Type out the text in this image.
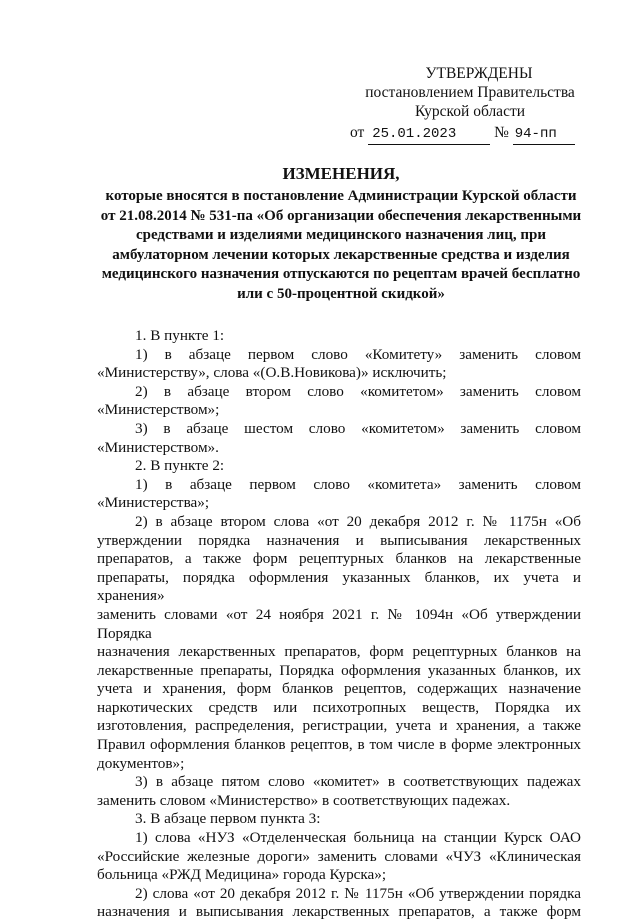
УТВЕРЖДЕНЫ
постановлением Правительства
Курской области
от 25.01.2023 № 94-пп
ИЗМЕНЕНИЯ,
которые вносятся в постановление Администрации Курской области
от 21.08.2014 № 531-па «Об организации обеспечения лекарственными
средствами и изделиями медицинского назначения лиц, при
амбулаторном лечении которых лекарственные средства и изделия
медицинского назначения отпускаются по рецептам врачей бесплатно
или с 50-процентной скидкой»
1. В пункте 1:
1) в абзаце первом слово «Комитету» заменить словом
«Министерству», слова «(О.В.Новикова)» исключить;
2) в абзаце втором слово «комитетом» заменить словом
«Министерством»;
3) в абзаце шестом слово «комитетом» заменить словом
«Министерством».
2. В пункте 2:
1) в абзаце первом слово «комитета» заменить словом
«Министерства»;
2) в абзаце втором слова «от 20 декабря 2012 г. № 1175н «Об
утверждении порядка назначения и выписывания лекарственных
препаратов, а также форм рецептурных бланков на лекарственные
препараты, порядка оформления указанных бланков, их учета и хранения»
заменить словами «от 24 ноября 2021 г. № 1094н «Об утверждении Порядка
назначения лекарственных препаратов, форм рецептурных бланков на
лекарственные препараты, Порядка оформления указанных бланков, их
учета и хранения, форм бланков рецептов, содержащих назначение
наркотических средств или психотропных веществ, Порядка их
изготовления, распределения, регистрации, учета и хранения, а также
Правил оформления бланков рецептов, в том числе в форме электронных
документов»;
3) в абзаце пятом слово «комитет» в соответствующих падежах
заменить словом «Министерство» в соответствующих падежах.
3. В абзаце первом пункта 3:
1) слова «НУЗ «Отделенческая больница на станции Курск ОАО
«Российские железные дороги» заменить словами «ЧУЗ «Клиническая
больница «РЖД Медицина» города Курска»;
2) слова «от 20 декабря 2012 г. № 1175н «Об утверждении порядка
назначения и выписывания лекарственных препаратов, а также форм
